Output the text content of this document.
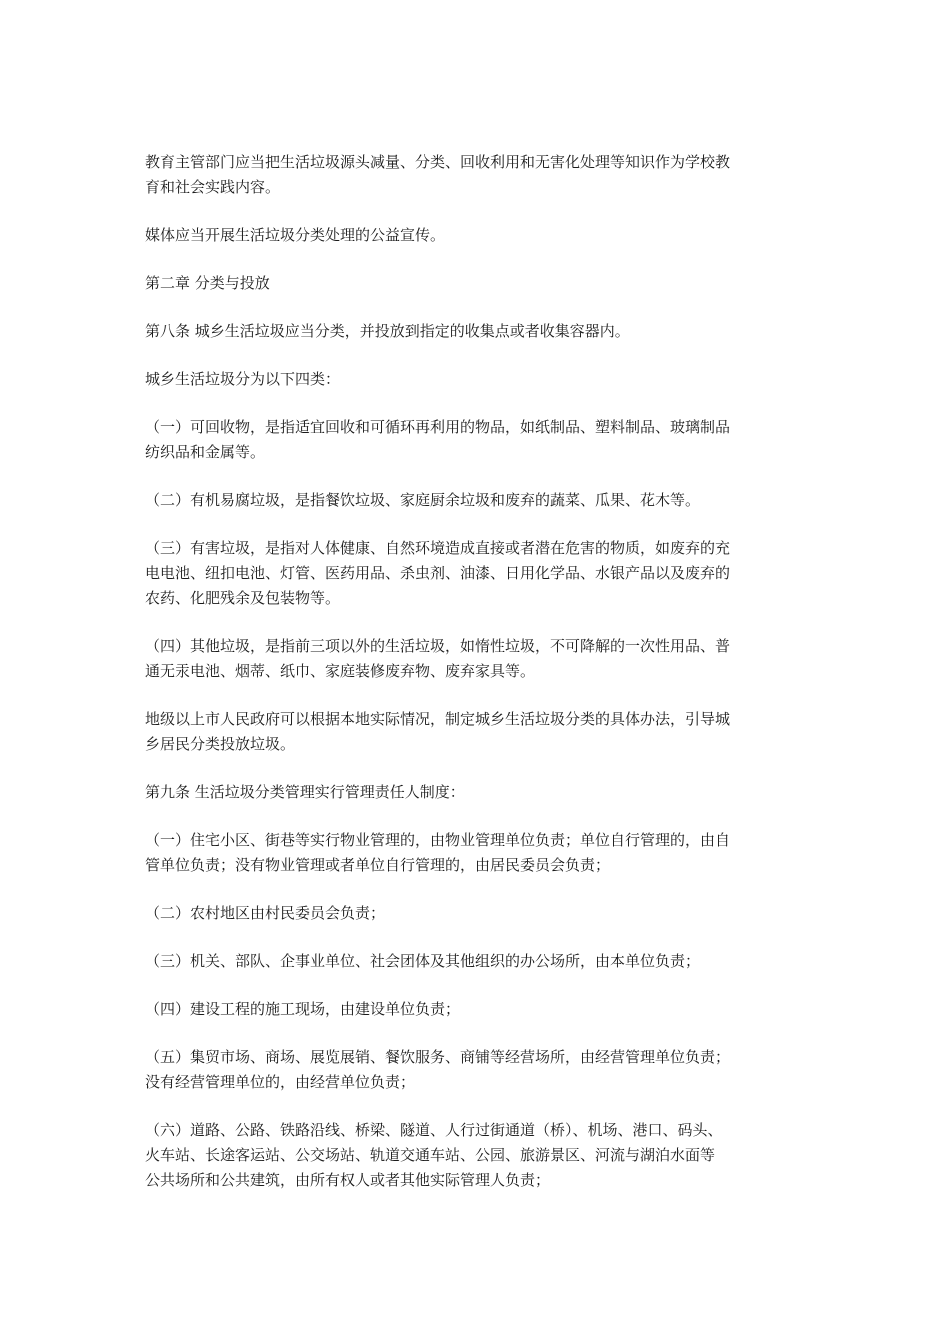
教育主管部门应当把生活垃圾源头减量、分类、回收利用和无害化处理等知识作为学校教
育和社会实践内容。

媒体应当开展生活垃圾分类处理的公益宣传。

第二章 分类与投放

第八条 城乡生活垃圾应当分类，并投放到指定的收集点或者收集容器内。

城乡生活垃圾分为以下四类：

（一）可回收物，是指适宜回收和可循环再利用的物品，如纸制品、塑料制品、玻璃制品
纺织品和金属等。

（二）有机易腐垃圾，是指餐饮垃圾、家庭厨余垃圾和废弃的蔬菜、瓜果、花木等。

（三）有害垃圾，是指对人体健康、自然环境造成直接或者潜在危害的物质，如废弃的充
电电池、纽扣电池、灯管、医药用品、杀虫剂、油漆、日用化学品、水银产品以及废弃的
农药、化肥残余及包装物等。

（四）其他垃圾，是指前三项以外的生活垃圾，如惰性垃圾，不可降解的一次性用品、普
通无汞电池、烟蒂、纸巾、家庭装修废弃物、废弃家具等。

地级以上市人民政府可以根据本地实际情况，制定城乡生活垃圾分类的具体办法，引导城
乡居民分类投放垃圾。

第九条 生活垃圾分类管理实行管理责任人制度：

（一）住宅小区、街巷等实行物业管理的，由物业管理单位负责；单位自行管理的，由自
管单位负责；没有物业管理或者单位自行管理的，由居民委员会负责；

（二）农村地区由村民委员会负责；

（三）机关、部队、企事业单位、社会团体及其他组织的办公场所，由本单位负责；

（四）建设工程的施工现场，由建设单位负责；

（五）集贸市场、商场、展览展销、餐饮服务、商铺等经营场所，由经营管理单位负责；
没有经营管理单位的，由经营单位负责；

（六）道路、公路、铁路沿线、桥梁、隧道、人行过街通道（桥）、机场、港口、码头、
火车站、长途客运站、公交场站、轨道交通车站、公园、旅游景区、河流与湖泊水面等
公共场所和公共建筑，由所有权人或者其他实际管理人负责；
